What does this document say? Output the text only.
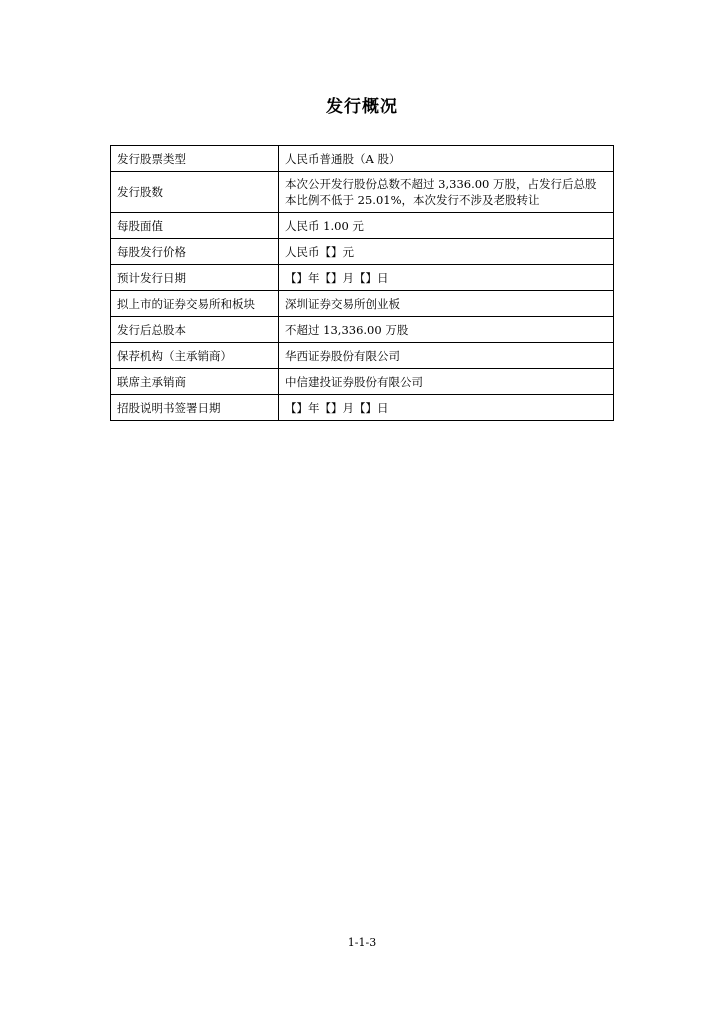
发行概况
发行股票类型	人民币普通股（A 股）
发行股数	本次公开发行股份总数不超过 3,336.00 万股，占发行后总股本比例不低于 25.01%，本次发行不涉及老股转让
每股面值	人民币 1.00 元
每股发行价格	人民币【】元
预计发行日期	【】年【】月【】日
拟上市的证券交易所和板块	深圳证券交易所创业板
发行后总股本	不超过 13,336.00 万股
保荐机构（主承销商）	华西证券股份有限公司
联席主承销商	中信建投证券股份有限公司
招股说明书签署日期	【】年【】月【】日
1-1-3
